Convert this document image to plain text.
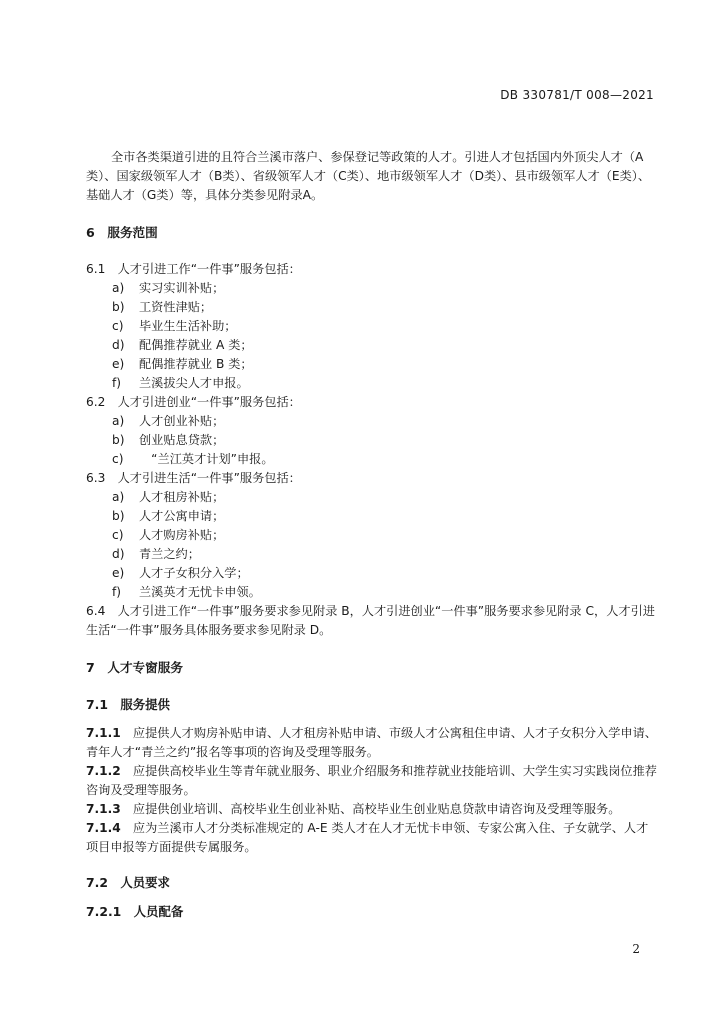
DB 330781/T 008—2021

全市各类渠道引进的且符合兰溪市落户、参保登记等政策的人才。引进人才包括国内外顶尖人才（A类）、国家级领军人才（B类）、省级领军人才（C类）、地市级领军人才（D类）、县市级领军人才（E类）、基础人才（G类）等，具体分类参见附录A。

6　服务范围

6.1　 人才引进工作“一件事”服务包括：

a)	实习实训补贴；

b)	工资性津贴；

c)	毕业生生活补助；

d)	配偶推荐就业 A 类；

e)	配偶推荐就业 B 类；

f)	兰溪拔尖人才申报。

6.2　 人才引进创业“一件事”服务包括：

a)	人才创业补贴；

b)	创业贴息贷款；

c)	　“兰江英才计划”申报。

6.3　 人才引进生活“一件事”服务包括：

a)	人才租房补贴；

b)	人才公寓申请；

c)	人才购房补贴；

d)	青兰之约；

e)	人才子女积分入学；

f)	兰溪英才无忧卡申领。

6.4　人才引进工作“一件事”服务要求参见附录 B，人才引进创业“一件事”服务要求参见附录 C，人才引进生活“一件事”服务具体服务要求参见附录 D。

7　人才专窗服务

7.1　服务提供

7.1.1　应提供人才购房补贴申请、人才租房补贴申请、市级人才公寓租住申请、人才子女积分入学申请、青年人才“青兰之约”报名等事项的咨询及受理等服务。

7.1.2　应提供高校毕业生等青年就业服务、职业介绍服务和推荐就业技能培训、大学生实习实践岗位推荐咨询及受理等服务。

7.1.3　应提供创业培训、高校毕业生创业补贴、高校毕业生创业贴息贷款申请咨询及受理等服务。

7.1.4　应为兰溪市人才分类标准规定的 A-E 类人才在人才无忧卡申领、专家公寓入住、子女就学、人才项目申报等方面提供专属服务。

7.2　人员要求

7.2.1　人员配备

2
